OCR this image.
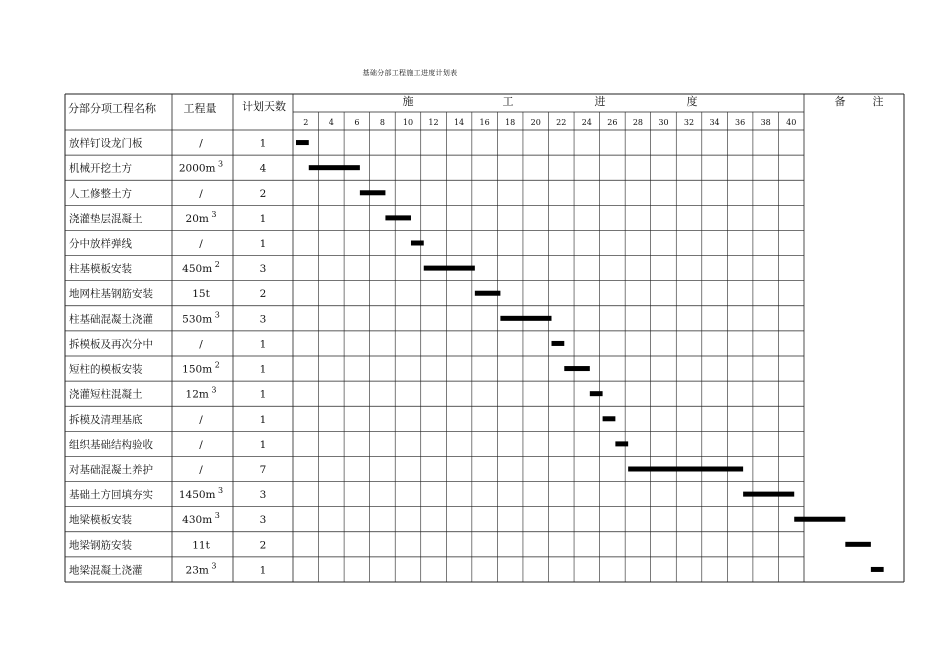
基础分部工程施工进度计划表
分部分项工程名称	工程量 计划天数	施	工	进	度	备 注
2	4	6	8 10 12 14 16 18 20 22 24 26 28 30 32 34 36 38 40
放样钉设龙门板	/	1
机械开挖土方	2000m $^3$	4
人工修整土方	/	2
浇灌垫层混凝土	20m $^3$	1
分中放样弹线	/	1
柱基模板安装	450m $^2$	3
地网柱基钢筋安装	15t	2
柱基础混凝土浇灌	530m $^3$	3
拆模板及再次分中	/	1
短柱的模板安装	150m $^2$	1
浇灌短柱混凝土	12m $^3$	1
拆模及清理基底	/	1
组织基础结构验收	/	1
对基础混凝土养护	/	7
基础土方回填夯实 1450m $^3$	3
地梁模板安装	430m $^3$	3
地梁钢筋安装	11t	2
地梁混凝土浇灌	23m $^3$	1
